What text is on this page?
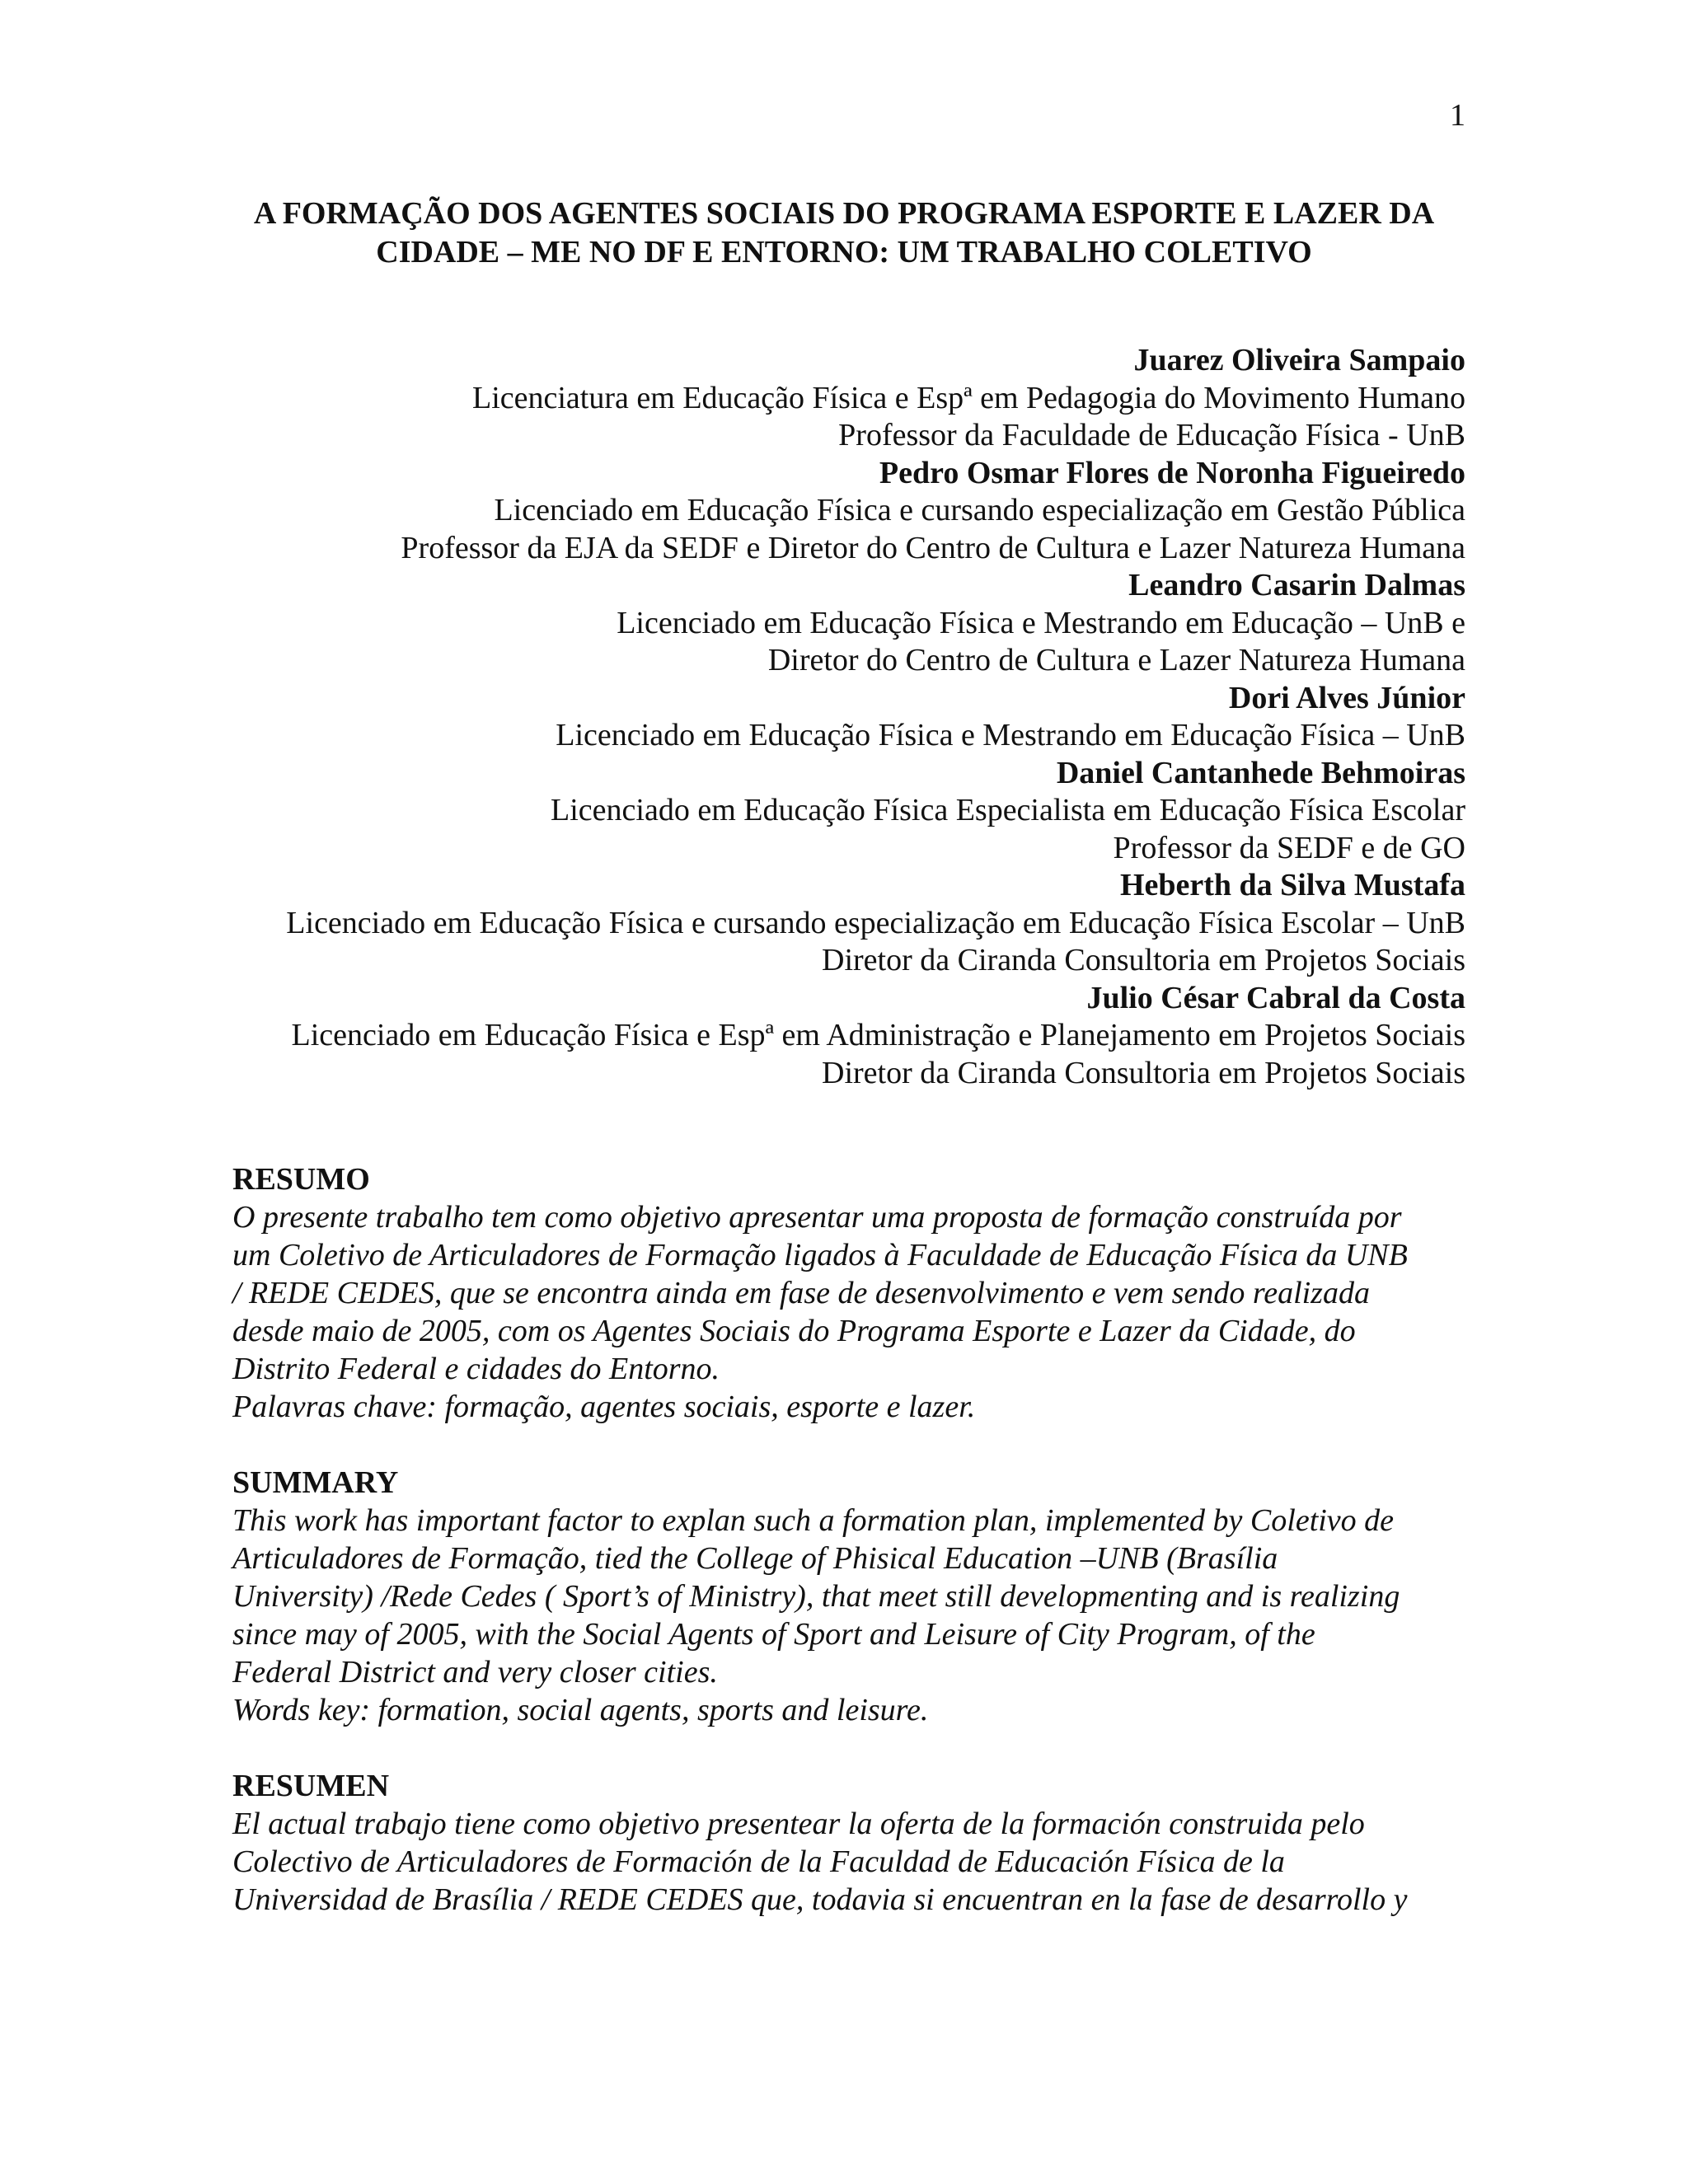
1
A FORMAÇÃO DOS AGENTES SOCIAIS DO PROGRAMA ESPORTE E LAZER DA
CIDADE – ME NO DF E ENTORNO: UM TRABALHO COLETIVO
Juarez Oliveira Sampaio
Licenciatura em Educação Física e Espª em Pedagogia do Movimento Humano
Professor da Faculdade de Educação Física - UnB
Pedro Osmar Flores de Noronha Figueiredo
Licenciado em Educação Física e cursando especialização em Gestão Pública
Professor da EJA da SEDF e Diretor do Centro de Cultura e Lazer Natureza Humana
Leandro Casarin Dalmas
Licenciado em Educação Física e Mestrando em Educação – UnB e
Diretor do Centro de Cultura e Lazer Natureza Humana
Dori Alves Júnior
Licenciado em Educação Física e Mestrando em Educação Física – UnB
Daniel Cantanhede Behmoiras
Licenciado em Educação Física Especialista em Educação Física Escolar
Professor da SEDF e de GO
Heberth da Silva Mustafa
Licenciado em Educação Física e cursando especialização em Educação Física Escolar – UnB
Diretor da Ciranda Consultoria em Projetos Sociais
Julio César Cabral da Costa
Licenciado em Educação Física e Espª em Administração e Planejamento em Projetos Sociais
Diretor da Ciranda Consultoria em Projetos Sociais
RESUMO
O presente trabalho tem como objetivo apresentar uma proposta de formação construída por
um Coletivo de Articuladores de Formação ligados à Faculdade de Educação Física da UNB
/ REDE CEDES, que se encontra ainda em fase de desenvolvimento e vem sendo realizada
desde maio de 2005, com os Agentes Sociais do Programa Esporte e Lazer da Cidade, do
Distrito Federal e cidades do Entorno.
Palavras chave: formação, agentes sociais, esporte e lazer.
SUMMARY
This work has important factor to explan such a formation plan, implemented by Coletivo de
Articuladores de Formação, tied the College of Phisical Education –UNB (Brasília
University) /Rede Cedes ( Sport’s of Ministry), that meet still developmenting and is realizing
since may of 2005, with the Social Agents of Sport and Leisure of City Program, of the
Federal District and very closer cities.
Words key: formation, social agents, sports and leisure.
RESUMEN
El actual trabajo tiene como objetivo presentear la oferta de la formación construida pelo
Colectivo de Articuladores de Formación de la Faculdad de Educación Física de la
Universidad de Brasília / REDE CEDES que, todavia si encuentran en la fase de desarrollo y
